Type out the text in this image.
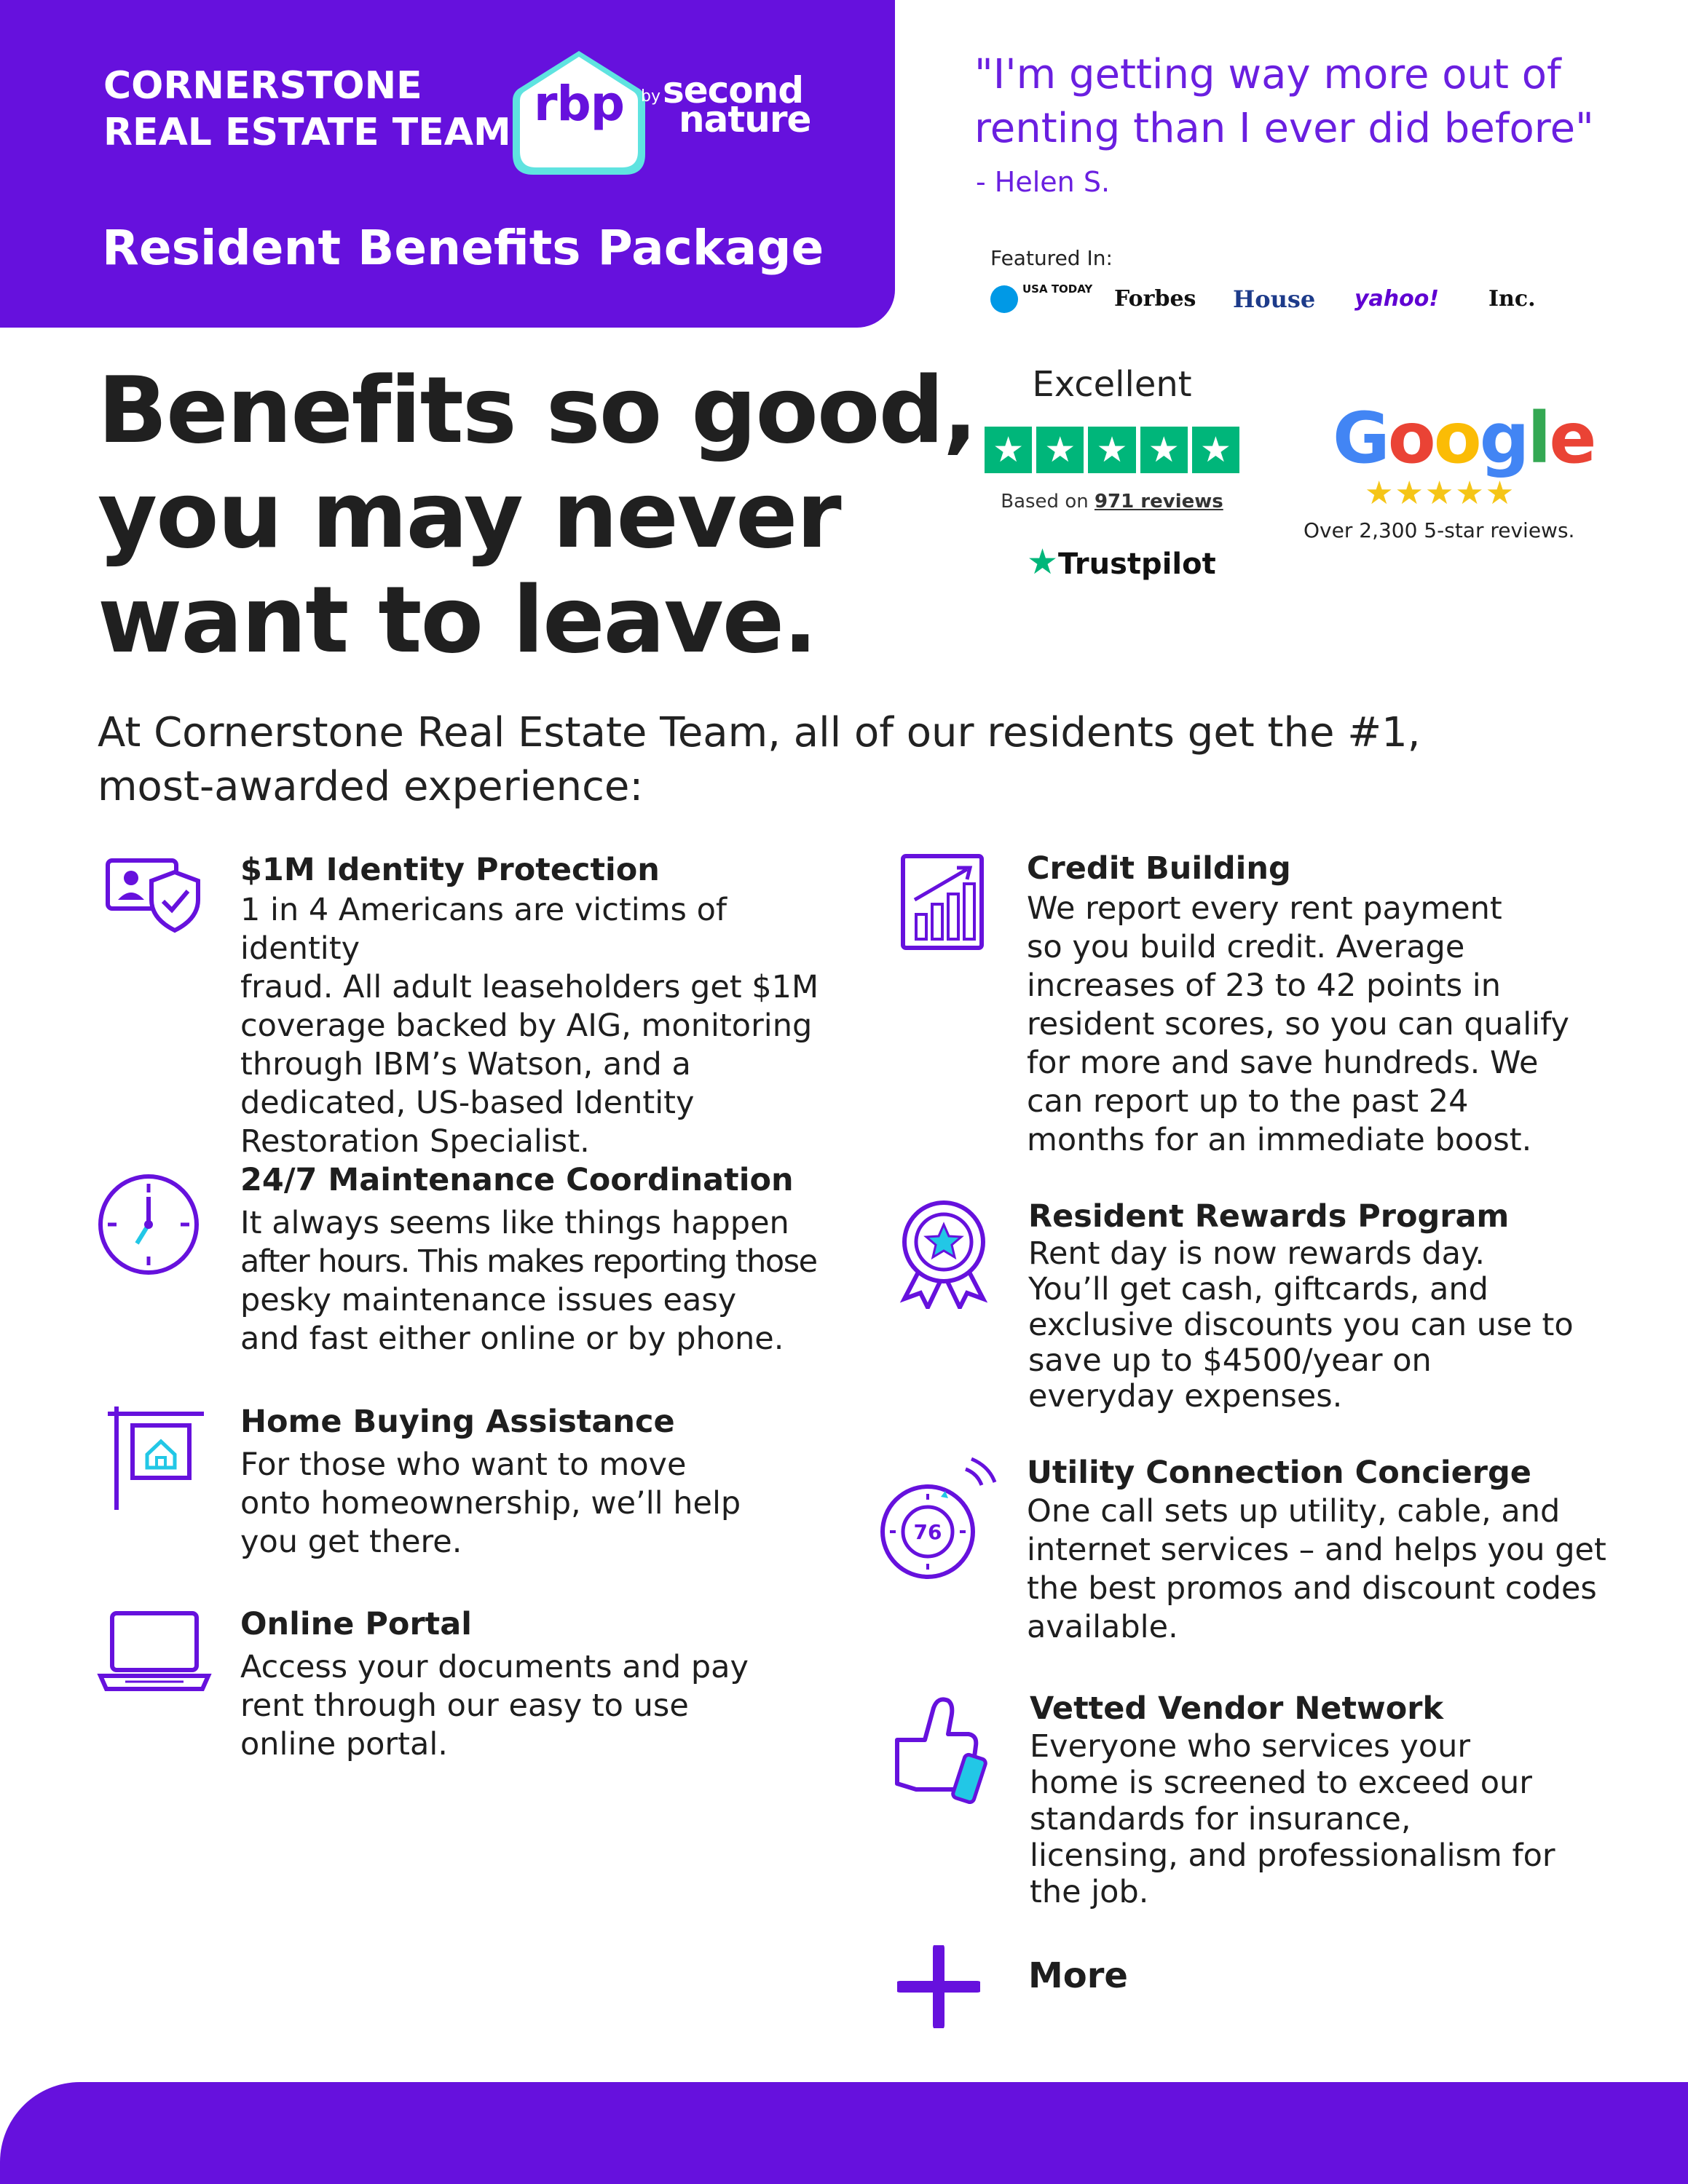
CORNERSTONE
REAL ESTATE TEAM
rbp	by second
nature
Resident Benefits Package
"I'm getting way more out of
renting than I ever did before"
- Helen S.
Featured In:
USA TODAY Forbes House yahoo! Inc.
Benefits so good,
you may never
want to leave.
Excellent
★ ★ ★ ★ ★
Based on 971 reviews
★Trustpilot
Google
★★★★★
Over 2,300 5-star reviews.
At Cornerstone Real Estate Team, all of our residents get the #1,
most-awarded experience:
$1M Identity Protection
1 in 4 Americans are victims of identity
fraud. All adult leaseholders get $1M
coverage backed by AIG, monitoring
through IBM’s Watson, and a
dedicated, US-based Identity
Restoration Specialist.
24/7 Maintenance Coordination
It always seems like things happen
after hours. This makes reporting those
pesky maintenance issues easy
and fast either online or by phone.
Home Buying Assistance
For those who want to move
onto homeownership, we’ll help
you get there.
Online Portal
Access your documents and pay
rent through our easy to use
online portal.
76
Credit Building
We report every rent payment
so you build credit. Average
increases of 23 to 42 points in
resident scores, so you can qualify
for more and save hundreds. We
can report up to the past 24
months for an immediate boost.
Resident Rewards Program
Rent day is now rewards day.
You’ll get cash, giftcards, and
exclusive discounts you can use to
save up to $4500/year on
everyday expenses.
Utility Connection Concierge
One call sets up utility, cable, and
internet services – and helps you get
the best promos and discount codes
available.
Vetted Vendor Network
Everyone who services your
home is screened to exceed our
standards for insurance,
licensing, and professionalism for
the job.
More
